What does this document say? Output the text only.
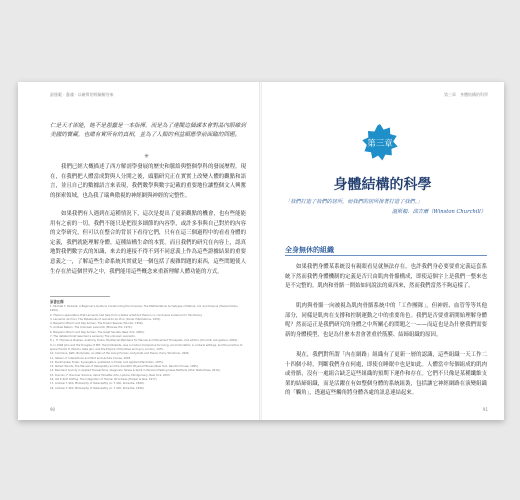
最後範 · 靈魂 · 以確實的經驗解答來

仁是天才卻能，她不是愚蠢是一本指揮，而是為了達閱這個課本會對晶內眼確到美國的寶藏，也總有實所有的真相，並為了人類的利益順應學前面臨的問題。

✳

我們已經大概描述了西方解剖學發展的歷史和脈絡與整個學科的發展歷程。現在，在我們把人體當成對與人分開之後，頭腦研究正在實實上改變人體的觀點和語言，並且自己的數據語言來表現，我們數學與數字記載的重要地位讓整個文人興奮的探索領域，也為我了瑞典傲視的神經網與神經的完整性。

如果我們有人遇到在這種情況下，這次是提出了更新觀點的機會，也有些能能用有之前的一切，我們不能只是把很多細節的內容學，或許多事與自己對於的內容的文學研究，但可以在整合的背景下看待它們，只有在這三個過程中的看看身體的定義，我們就能理解身體。這種結構生命的本質。而且我們的研究在內容上，認真地對我們數字式的知識，來去的連接不得不到不同意義上作為這些證據結果的重要意義之一，了解這些生命系統其實就是一個包括了複雜問題的東西，這些問題使人生存在於這個世界之中，我們能用這些概念來重新理解人體功能的方式。

原書注釋
1. Michael T. Kinkade, A Beginner's Guide to Constructing the Universe: The Mathematical Archetypes of Nature, Art, and Science (HarperCollins, 1994).
2. There is speculation that Leonardo had help from a fellow artist but there is no conclusive evidence for this theory.
3. Leonardo da Vinci, The Notebooks of Leonardo da Vinci (Dover Publications, 1970).
4. Benjamin Bloom and Ray Soman, The Dream Review (Toronto, 1956).
5. Andrew Nelson, The Unknown Leonardo (McGraw-Hill, 1974).
6. Benjamin Bloom and Ray Soman, The Great Secrets (New York, 2000).
7. The detailed brief assumed a series by The unknown Leonardo.
8. J. H. Thomas & Noakes, Anatomy Trains: Myofascial Meridians for Manual and Movement Therapists, 2nd edition (Churchill Livingstone, 2009).
9. In 1948 John and Hal Douglas of MIT, Harold Roberts, was a modern trampoline for living, accommodation in cultural settings, and the practice of space Harold H. Perkins, Kate Jain, and the Empire of the Nose and Lyon, London, 1975.
10. Cummins, Rath, Bodymats, an Atlas of the Living Human, bodymats and Fascia, Harry Stockman, 2006.
11. Gibson, P. Interactions and Pilot and Lecture Course, 2005.
12. Buckminster Fuller, Synergetics, published in Foster and Applied (Macmillan, 1975).
13. Robert Woods, The Manual of Osteopathy and the Scientific Physical Fitness (New York, Random House, 1995).
14. Bernhard Grundy in Applied Transactions, Diagnosis: Stress & Spirit in Personal Fasting Ideas Methods (Ohio State Press, 2010).
15. Duncan, F. Discover Science, Ashur McLetter Arts, Ljubica, Montgomery, New York, 2003.
16. Ida P. Rolf, Rolfing: The Integration of Human Structures (Harper & Row, 1977).
17. Andrew T. Still, Philosophy of Osteopathy (A. T. Still, Kirksville, 1899).
18. Andrew T. Still, Philosophy of Osteopathy (A. T. Still, Kirksville, 1899).
90
第三章　身體結構的科學
第三章
身體結構的科學

「我們打造了我們的居所，而我們的居所接著打造了我們。」

溫斯頓．邱吉爾（Winston Churchill）

全身無休的組織

如果我們身體某系統沒有親眼看見就無法存在，也許我們身必要要重定義這套系統下然而我們身體機制的定義是否只由肌肉骨骼構成，即使這個字上是我們一整來也是不完整的。肌肉和骨骼一開始如同說法的東西來，然而我們當然不夠這樣了。

肌肉與骨骼一向被視為肌肉骨骼系統中的「工作團隊」，但神經、血管等等其他部分，同樣是肌肉在支撐和控制運動之中的重要角色。我們是否要重新開始理解身體呢？然而這正是我們研究的身體之中所關心的問題之一——而這也是為什麼我們需要新的身體模型，也是為什麼本書會著重於筋膜、結締組織的原因。

現在，我們對所謂「內在網路」組織有了更新一層的認識，這些組織一天工作二十四個小時，判斷我們身在何處，即使在睡眠中也是如此。人體當中每個組成的肌肉或骨骼，沒有一處組合缺乏這些組織的預期下運作和存在。它們不只像是某種纖維支架的結締組織，而是活躍在有如整個身體的系統組裝，包括讓它神經網路在演變組織的「觸角」，透過這些觸角將身體各處的訊息連結起來。

91
